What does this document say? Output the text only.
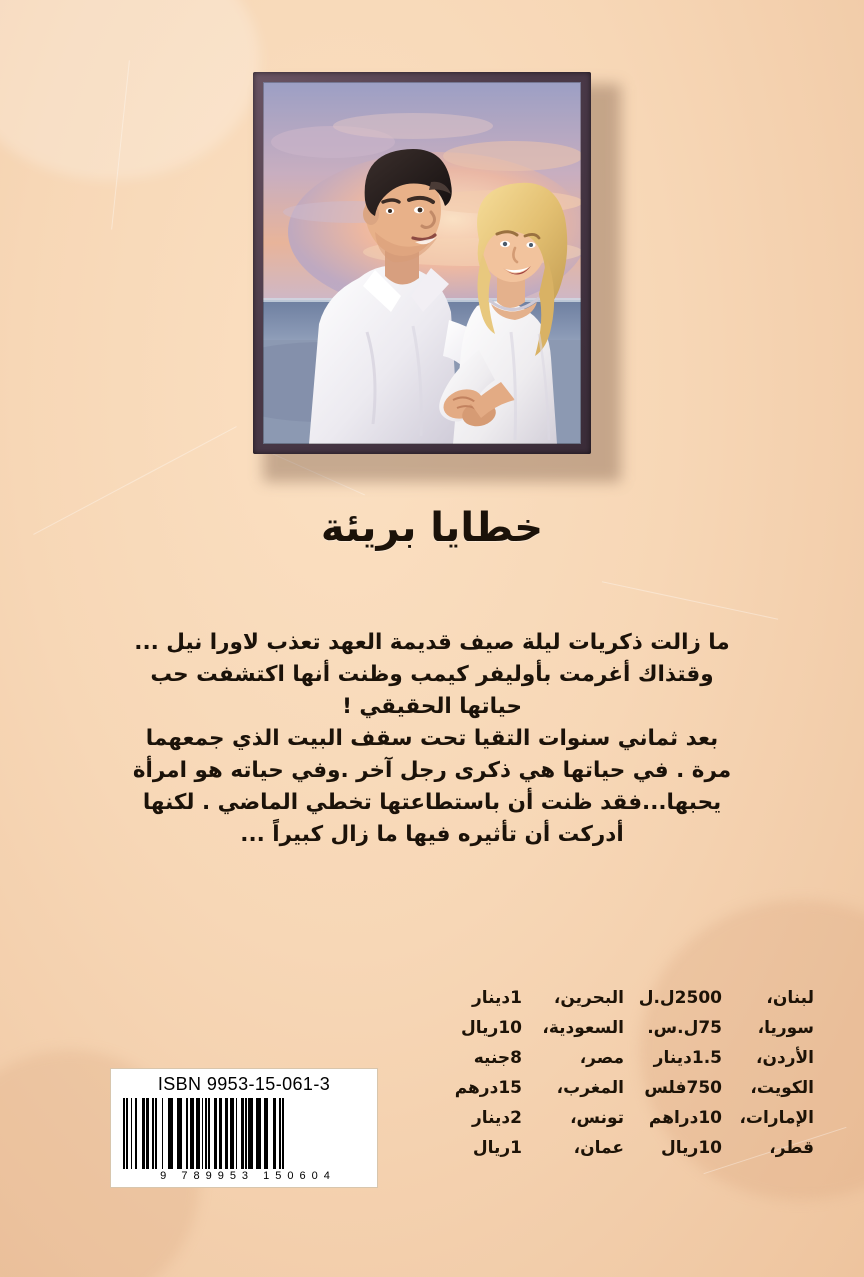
خطايا بريئة

ما زالت ذكريات ليلة صيف قديمة العهد تعذب لاورا نيل ...

وقتذاك أغرمت بأوليفر كيمب وظنت أنها اكتشفت حب

حياتها الحقيقي !

بعد ثماني سنوات التقيا تحت سقف البيت الذي جمعهما

مرة . في حياتها هي ذكرى رجل آخر .وفي حياته هو امرأة

يحبها...فقد ظنت أن باستطاعتها تخطي الماضي . لكنها

أدركت أن تأثيره فيها ما زال كبيراً ...

لبنان،
2500ل.ل
سوريا،
75ل.س.
الأردن،
1.5دينار
الكويت،
750فلس
الإمارات،
10دراهم
قطر،
10ريال
البحرين،
1دينار
السعودية،
10ريال
مصر،
8جنيه
المغرب،
15درهم
تونس،
2دينار
عمان،
1ريال
ISBN 9953-15-061-3
9 789953 150604
